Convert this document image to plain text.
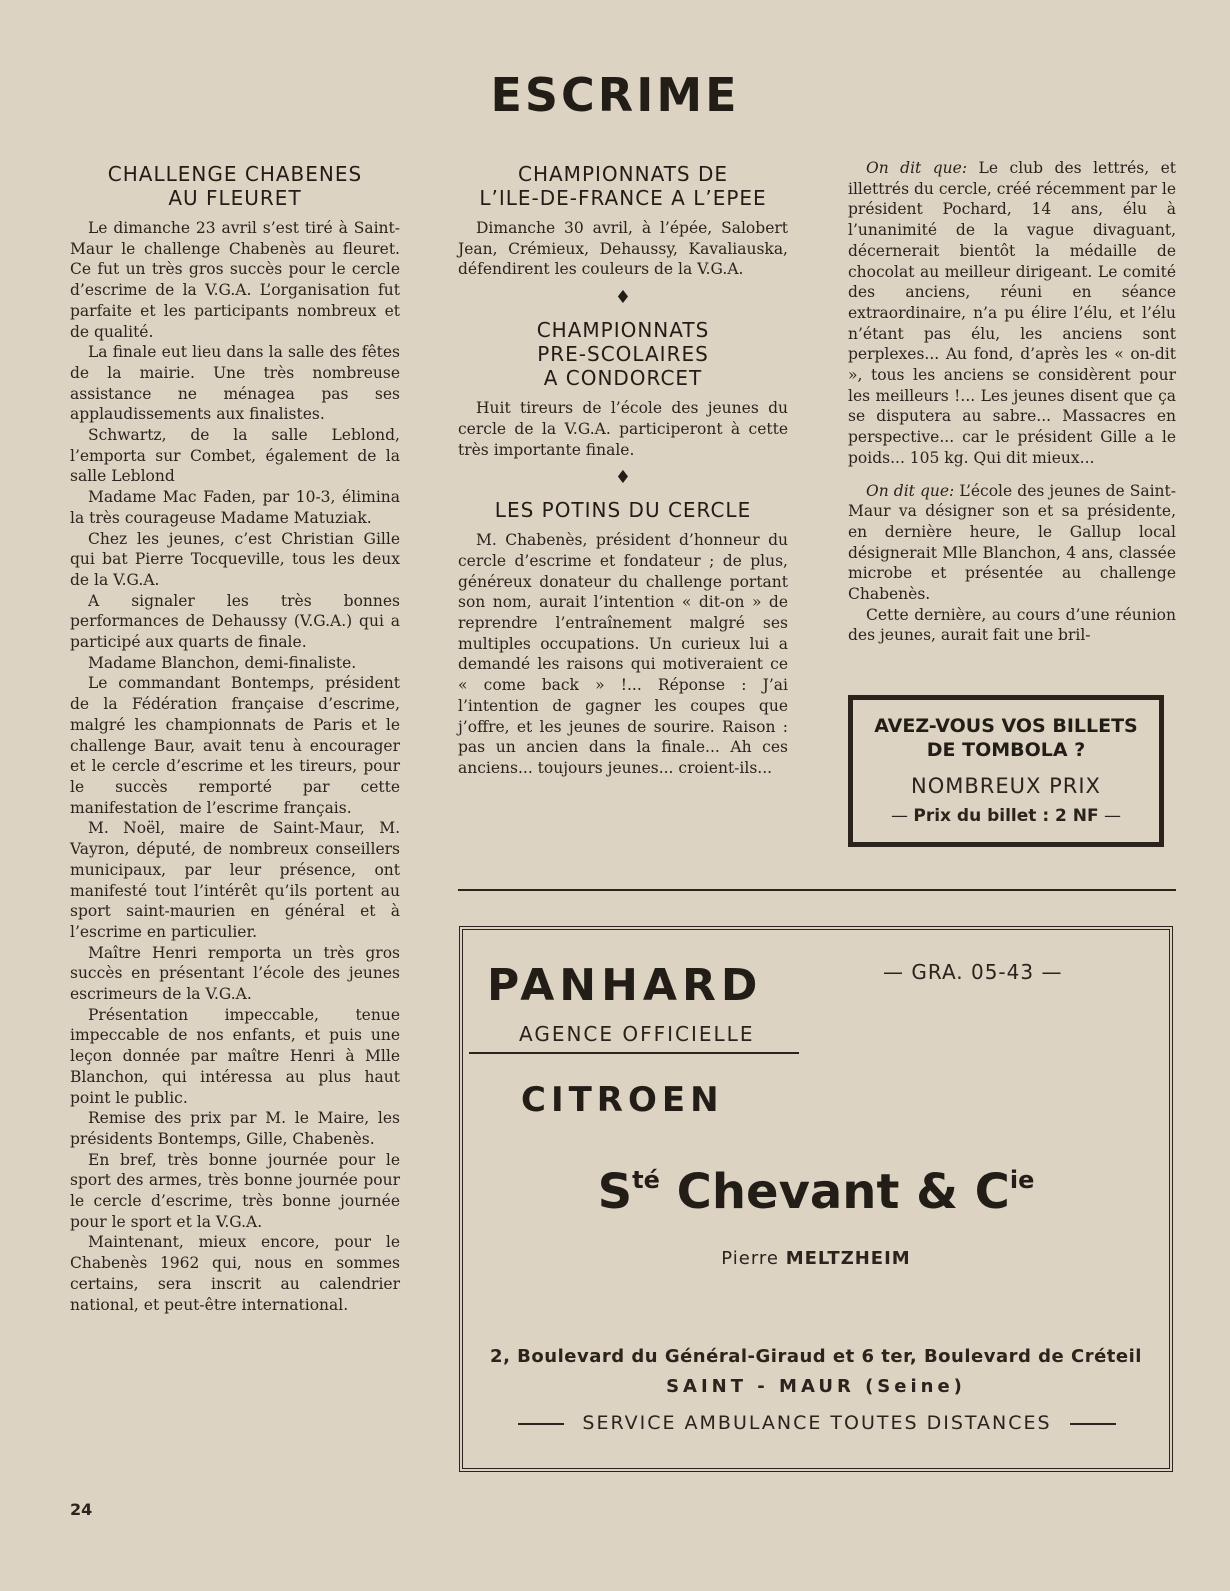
ESCRIME
CHALLENGE CHABENES
AU FLEURET

Le dimanche 23 avril s’est tiré à Saint-Maur le challenge Chabenès au fleuret. Ce fut un très gros succès pour le cercle d’escrime de la V.G.A. L’organisation fut parfaite et les participants nombreux et de qualité.

La finale eut lieu dans la salle des fêtes de la mairie. Une très nombreuse assistance ne ménagea pas ses applaudissements aux finalistes.

Schwartz, de la salle Leblond, l’emporta sur Combet, également de la salle Leblond

Madame Mac Faden, par 10-3, élimina la très courageuse Madame Matuziak.

Chez les jeunes, c’est Christian Gille qui bat Pierre Tocqueville, tous les deux de la V.G.A.

A signaler les très bonnes performances de Dehaussy (V.G.A.) qui a participé aux quarts de finale.

Madame Blanchon, demi-finaliste.

Le commandant Bontemps, président de la Fédération française d’escrime, malgré les championnats de Paris et le challenge Baur, avait tenu à encourager et le cercle d’escrime et les tireurs, pour le succès remporté par cette manifestation de l’escrime français.

M. Noël, maire de Saint-Maur, M. Vayron, député, de nombreux conseillers municipaux, par leur présence, ont manifesté tout l’intérêt qu’ils portent au sport saint-maurien en général et à l’escrime en particulier.

Maître Henri remporta un très gros succès en présentant l’école des jeunes escrimeurs de la V.G.A.

Présentation impeccable, tenue impeccable de nos enfants, et puis une leçon donnée par maître Henri à Mlle Blanchon, qui intéressa au plus haut point le public.

Remise des prix par M. le Maire, les présidents Bontemps, Gille, Chabenès.

En bref, très bonne journée pour le sport des armes, très bonne journée pour le cercle d’escrime, très bonne journée pour le sport et la V.G.A.

Maintenant, mieux encore, pour le Chabenès 1962 qui, nous en sommes certains, sera inscrit au calendrier national, et peut-être international.

CHAMPIONNATS DE
L’ILE-DE-FRANCE A L’EPEE

Dimanche 30 avril, à l’épée, Salobert Jean, Crémieux, Dehaussy, Kavaliauska, défendirent les couleurs de la V.G.A.

♦
CHAMPIONNATS
PRE-SCOLAIRES
A CONDORCET

Huit tireurs de l’école des jeunes du cercle de la V.G.A. participeront à cette très importante finale.

♦
LES POTINS DU CERCLE

M. Chabenès, président d’honneur du cercle d’escrime et fondateur ; de plus, généreux donateur du challenge portant son nom, aurait l’intention « dit-on » de reprendre l’entraînement malgré ses multiples occupations. Un curieux lui a demandé les raisons qui motiveraient ce « come back » !... Réponse : J’ai l’intention de gagner les coupes que j’offre, et les jeunes de sourire. Raison : pas un ancien dans la finale... Ah ces anciens... toujours jeunes... croient-ils...

On dit que: Le club des lettrés, et illettrés du cercle, créé récemment par le président Pochard, 14 ans, élu à l’unanimité de la vague divaguant, décernerait bientôt la médaille de chocolat au meilleur dirigeant. Le comité des anciens, réuni en séance extraordinaire, n’a pu élire l’élu, et l’élu n’étant pas élu, les anciens sont perplexes... Au fond, d’après les « on-dit », tous les anciens se considèrent pour les meilleurs !... Les jeunes disent que ça se disputera au sabre... Massacres en perspective... car le président Gille a le poids... 105 kg. Qui dit mieux...

On dit que: L’école des jeunes de Saint-Maur va désigner son et sa présidente, en dernière heure, le Gallup local désignerait Mlle Blanchon, 4 ans, classée microbe et présentée au challenge Chabenès.

Cette dernière, au cours d’une réunion des jeunes, aurait fait une bril-

AVEZ-VOUS VOS BILLETS
DE TOMBOLA ?
NOMBREUX PRIX
— Prix du billet : 2 NF —
PANHARD
AGENCE OFFICIELLE
— GRA. 05-43 —
CITROEN
$S^{té}$ Chevant & $C^{ie}$
Pierre MELTZHEIM
2, Boulevard du Général-Giraud et 6 ter, Boulevard de Créteil
SAINT - MAUR (Seine)
SERVICE AMBULANCE TOUTES DISTANCES
24
